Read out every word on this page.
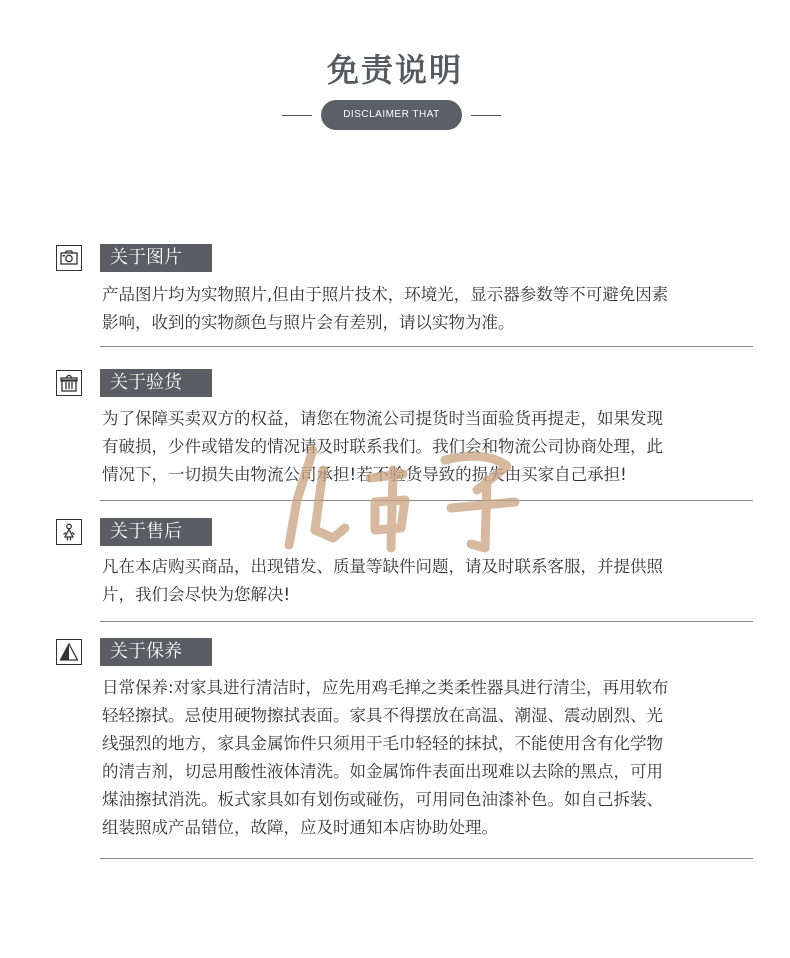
免责说明
DISCLAIMER THAT
关于图片
产品图片均为实物照片,但由于照片技术，环境光，显示器参数等不可避免因素
影响，收到的实物颜色与照片会有差别，请以实物为准。
关于验货
为了保障买卖双方的权益，请您在物流公司提货时当面验货再提走，如果发现
有破损，少件或错发的情况请及时联系我们。我们会和物流公司协商处理，此
情况下，一切损失由物流公司承担!若不验货导致的损失由买家自己承担!
关于售后
凡在本店购买商品，出现错发、质量等缺件问题，请及时联系客服，并提供照
片，我们会尽快为您解决!
关于保养
日常保养:对家具进行清洁时，应先用鸡毛掸之类柔性器具进行清尘，再用软布
轻轻擦拭。忌使用硬物擦拭表面。家具不得摆放在高温、潮湿、震动剧烈、光
线强烈的地方，家具金属饰件只须用干毛巾轻轻的抹拭，不能使用含有化学物
的清吉剂，切忌用酸性液体清洗。如金属饰件表面出现难以去除的黑点，可用
煤油擦拭消洗。板式家具如有划伤或碰伤，可用同色油漆补色。如自己拆装、
组装照成产品错位，故障，应及时通知本店协助处理。
